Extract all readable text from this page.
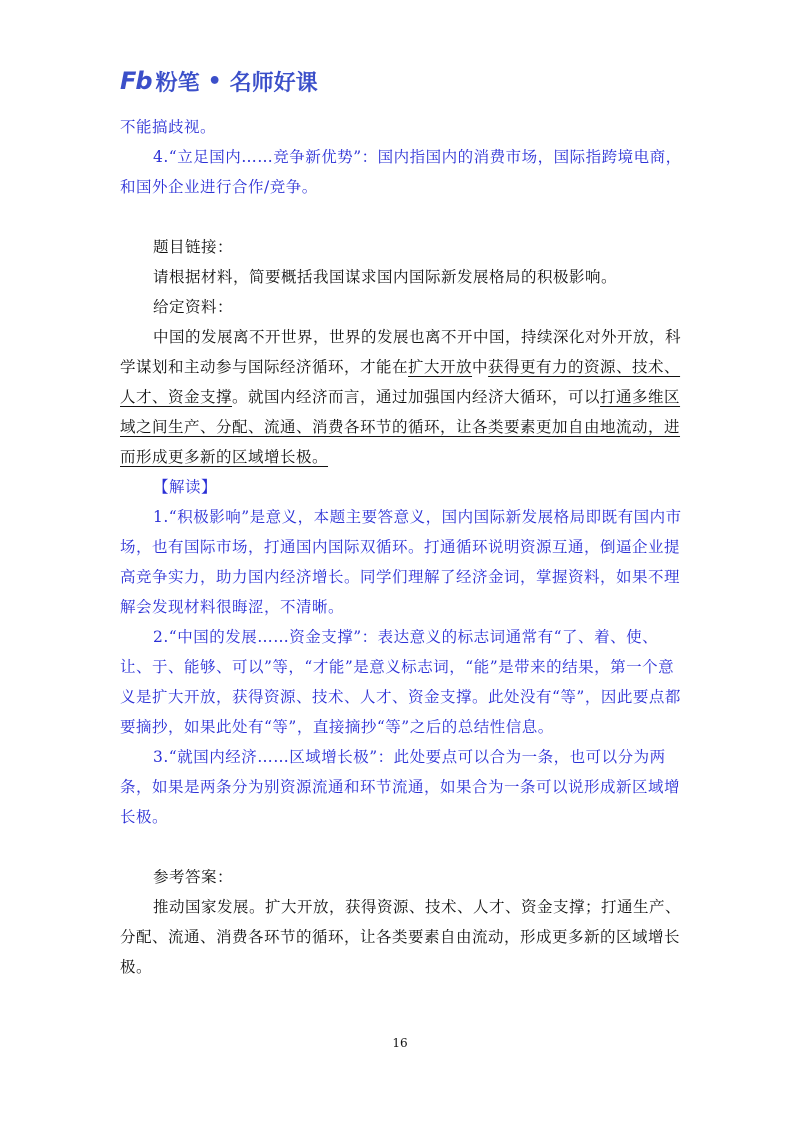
Fb 粉笔 • 名师好课
不能搞歧视。
4.“立足国内……竞争新优势”：国内指国内的消费市场，国际指跨境电商，和国外企业进行合作/竞争。
题目链接：
请根据材料，简要概括我国谋求国内国际新发展格局的积极影响。
给定资料：
中国的发展离不开世界，世界的发展也离不开中国，持续深化对外开放，科学谋划和主动参与国际经济循环，才能在扩大开放中获得更有力的资源、技术、人才、资金支撑。就国内经济而言，通过加强国内经济大循环，可以打通多维区域之间生产、分配、流通、消费各环节的循环，让各类要素更加自由地流动，进而形成更多新的区域增长极。
【解读】
1.“积极影响”是意义，本题主要答意义，国内国际新发展格局即既有国内市场，也有国际市场，打通国内国际双循环。打通循环说明资源互通，倒逼企业提高竞争实力，助力国内经济增长。同学们理解了经济金词，掌握资料，如果不理解会发现材料很晦涩，不清晰。
2.“中国的发展……资金支撑”：表达意义的标志词通常有“了、着、使、让、于、能够、可以”等，“才能”是意义标志词，“能”是带来的结果，第一个意义是扩大开放，获得资源、技术、人才、资金支撑。此处没有“等”，因此要点都要摘抄，如果此处有“等”，直接摘抄“等”之后的总结性信息。
3.“就国内经济……区域增长极”：此处要点可以合为一条，也可以分为两条，如果是两条分为别资源流通和环节流通，如果合为一条可以说形成新区域增长极。
参考答案：
推动国家发展。扩大开放，获得资源、技术、人才、资金支撑；打通生产、分配、流通、消费各环节的循环，让各类要素自由流动，形成更多新的区域增长极。
16
